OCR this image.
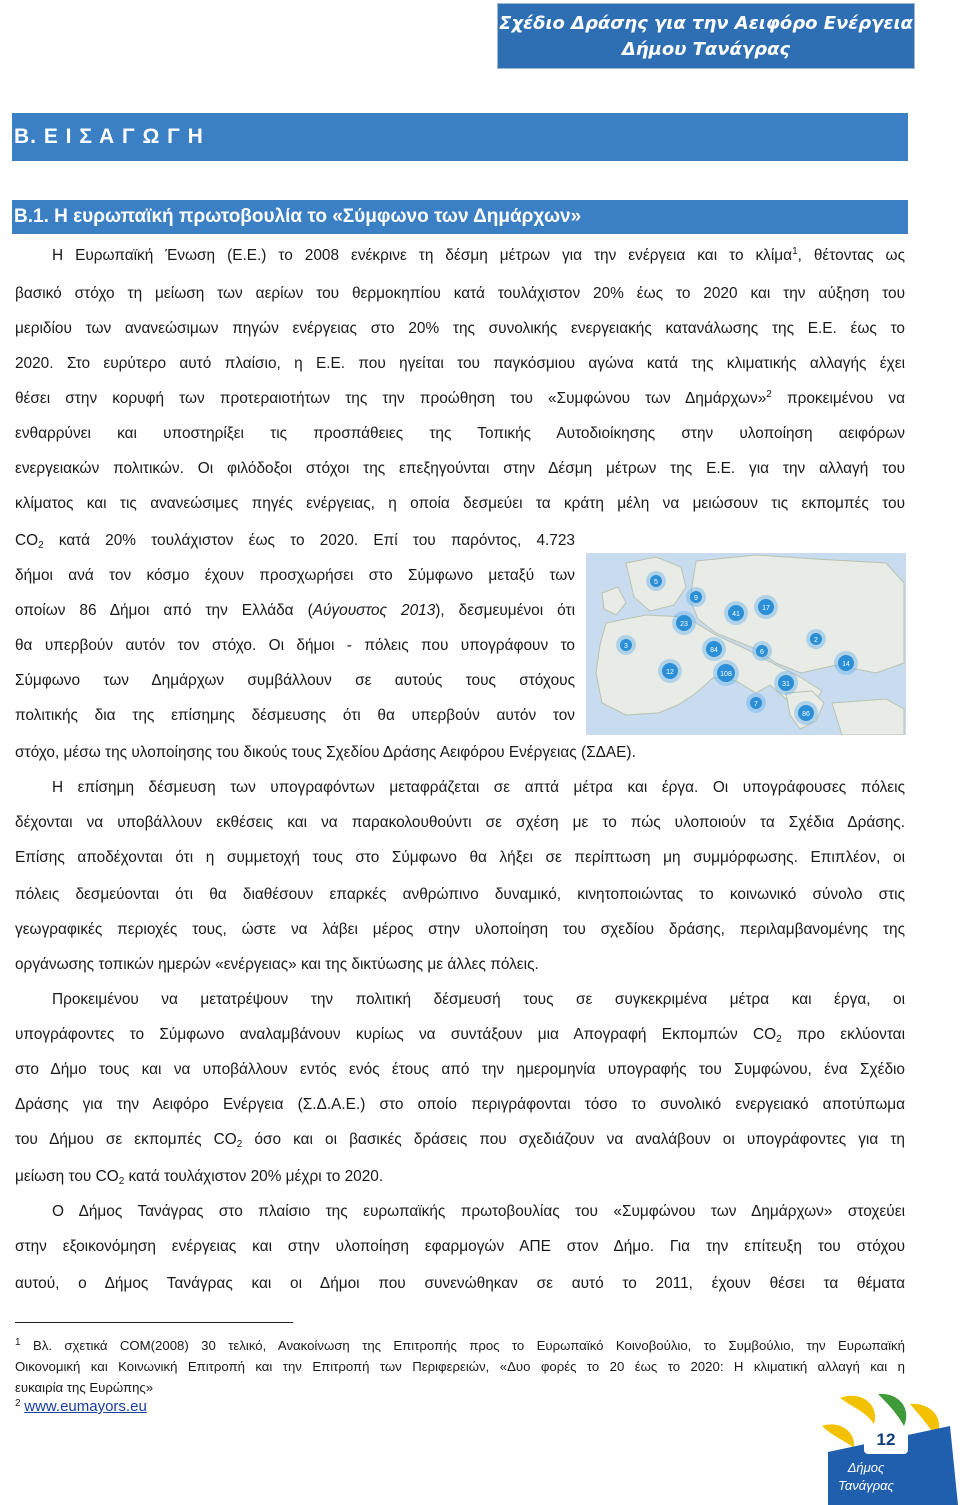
Σχέδιο Δράσης για την Αειφόρο Ενέργεια
Δήμου Τανάγρας
Β. Ε Ι Σ Α Γ Ω Γ Η
Β.1. Η ευρωπαϊκή πρωτοβουλία το «Σύμφωνο των Δημάρχων»
Η Ευρωπαϊκή Ένωση (Ε.Ε.) το 2008 ενέκρινε τη δέσμη μέτρων για την ενέργεια και το κλίμα$^1$, θέτοντας ως
βασικό στόχο τη μείωση των αερίων του θερμοκηπίου κατά τουλάχιστον 20% έως το 2020 και την αύξηση του
μεριδίου των ανανεώσιμων πηγών ενέργειας στο 20% της συνολικής ενεργειακής κατανάλωσης της Ε.Ε. έως το
2020. Στο ευρύτερο αυτό πλαίσιο, η Ε.Ε. που ηγείται του παγκόσμιου αγώνα κατά της κλιματικής αλλαγής έχει
θέσει στην κορυφή των προτεραιοτήτων της την προώθηση του «Συμφώνου των Δημάρχων»$^2$ προκειμένου να
ενθαρρύνει και υποστηρίξει τις προσπάθειες της Τοπικής Αυτοδιοίκησης στην υλοποίηση αειφόρων
ενεργειακών πολιτικών. Οι φιλόδοξοι στόχοι της επεξηγούνται στην Δέσμη μέτρων της Ε.Ε. για την αλλαγή του
κλίματος και τις ανανεώσιμες πηγές ενέργειας, η οποία δεσμεύει τα κράτη μέλη να μειώσουν τις εκπομπές του
$CO_2$ κατά 20% τουλάχιστον έως το 2020. Επί του παρόντος, 4.723
δήμοι ανά τον κόσμο έχουν προσχωρήσει στο Σύμφωνο μεταξύ των
οποίων 86 Δήμοι από την Ελλάδα (Αύγουστος 2013), δεσμευμένοι ότι
θα υπερβούν αυτόν τον στόχο. Οι δήμοι - πόλεις που υπογράφουν το
Σύμφωνο των Δημάρχων συμβάλλουν σε αυτούς τους στόχους
πολιτικής δια της επίσημης δέσμευσης ότι θα υπερβούν αυτόν τον
στόχο, μέσω της υλοποίησης του δικούς τους Σχεδίου Δράσης Αειφόρου Ενέργειας (ΣΔΑΕ).
Η επίσημη δέσμευση των υπογραφόντων μεταφράζεται σε απτά μέτρα και έργα. Οι υπογράφουσες πόλεις
δέχονται να υποβάλλουν εκθέσεις και να παρακολουθούντι σε σχέση με το πώς υλοποιούν τα Σχέδια Δράσης.
Επίσης αποδέχονται ότι η συμμετοχή τους στο Σύμφωνο θα λήξει σε περίπτωση μη συμμόρφωσης. Επιπλέον, οι
πόλεις δεσμεύονται ότι θα διαθέσουν επαρκές ανθρώπινο δυναμικό, κινητοποιώντας το κοινωνικό σύνολο στις
γεωγραφικές περιοχές τους, ώστε να λάβει μέρος στην υλοποίηση του σχεδίου δράσης, περιλαμβανομένης της
οργάνωσης τοπικών ημερών «ενέργειας» και της δικτύωσης με άλλες πόλεις.
Προκειμένου να μετατρέψουν την πολιτική δέσμευσή τους σε συγκεκριμένα μέτρα και έργα, οι
υπογράφοντες το Σύμφωνο αναλαμβάνουν κυρίως να συντάξουν μια Απογραφή Εκπομπών $CO_2$ προ εκλύονται
στο Δήμο τους και να υποβάλλουν εντός ενός έτους από την ημερομηνία υπογραφής του Συμφώνου, ένα Σχέδιο
Δράσης για την Αειφόρο Ενέργεια (Σ.Δ.Α.Ε.) στο οποίο περιγράφονται τόσο το συνολικό ενεργειακό αποτύπωμα
του Δήμου σε εκπομπές $CO_2$ όσο και οι βασικές δράσεις που σχεδιάζουν να αναλάβουν οι υπογράφοντες για τη
μείωση του $CO_2$ κατά τουλάχιστον 20% μέχρι το 2020.
Ο Δήμος Τανάγρας στο πλαίσιο της ευρωπαϊκής πρωτοβουλίας του «Συμφώνου των Δημάρχων» στοχεύει
στην εξοικονόμηση ενέργειας και στην υλοποίηση εφαρμογών ΑΠΕ στον Δήμο. Για την επίτευξη του στόχου
αυτού, ο Δήμος Τανάγρας και οι Δήμοι που συνενώθηκαν σε αυτό το 2011, έχουν θέσει τα θέματα
5
9
23
41
17
84
3
12	108
6
31
2
14
86
7
$^1$ Βλ. σχετικά COM(2008) 30 τελικό, Ανακοίνωση της Επιτροπής προς το Ευρωπαϊκό Κοινοβούλιο, το Συμβούλιο, την Ευρωπαϊκή
Οικονομική και Κοινωνική Επιτροπή και την Επιτροπή των Περιφερειών, «Δυο φορές το 20 έως το 2020: Η κλιματική αλλαγή και η
ευκαιρία της Ευρώπης»
$^2$ www.eumayors.eu
12
Δήμος
Τανάγρας
